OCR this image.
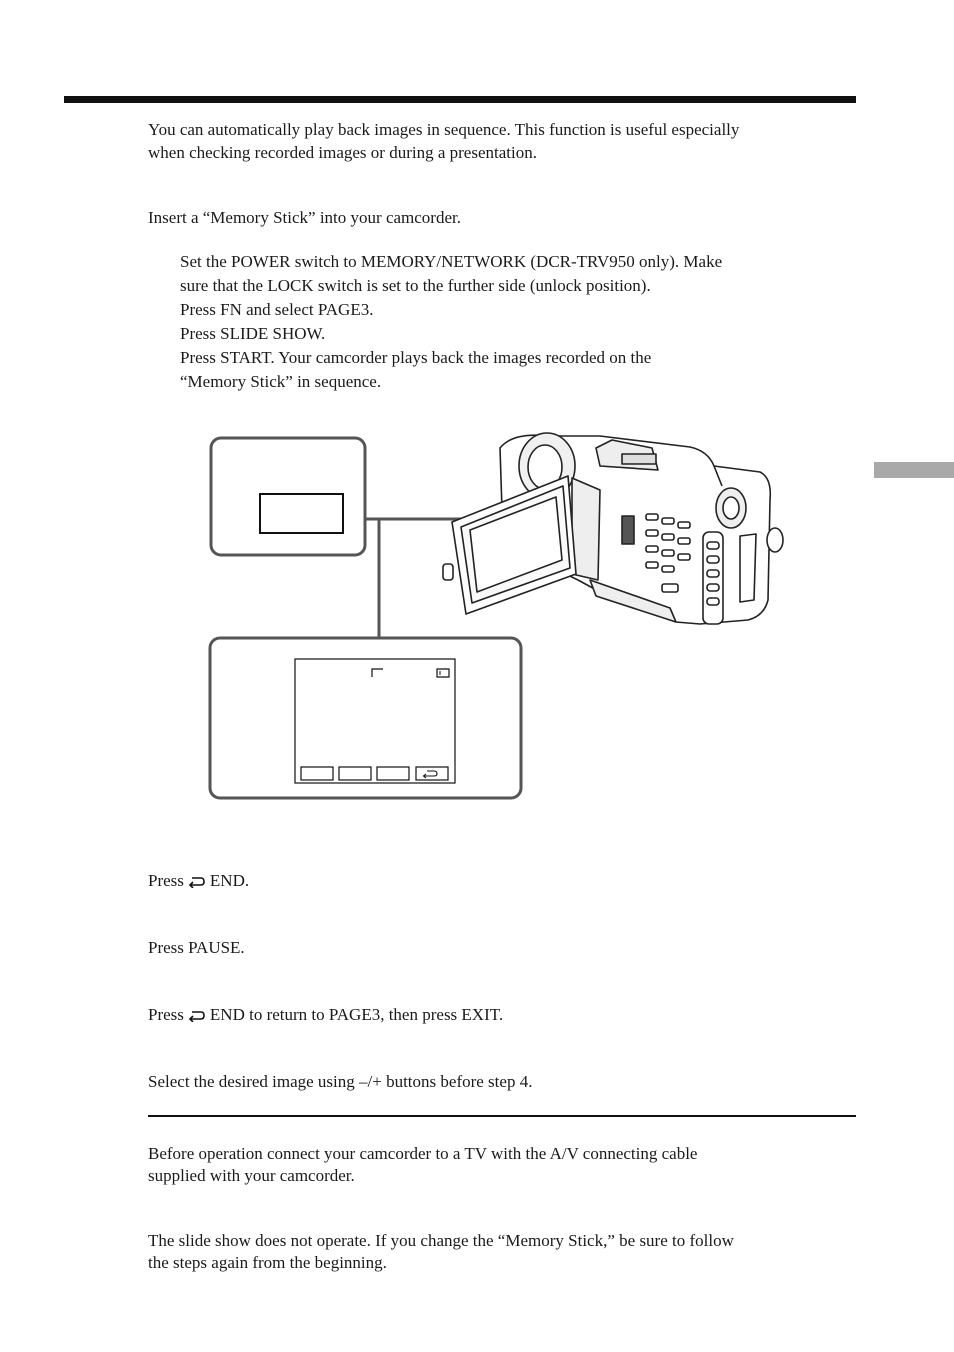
You can automatically play back images in sequence. This function is useful especially

when checking recorded images or during a presentation.

Insert a “Memory Stick” into your camcorder.

Set the POWER switch to MEMORY/NETWORK (DCR-TRV950 only). Make
sure that the LOCK switch is set to the further side (unlock position).
Press FN and select PAGE3.
Press SLIDE SHOW.
Press START. Your camcorder plays back the images recorded on the
“Memory Stick” in sequence.

Press END.

Press PAUSE.

Press END to return to PAGE3, then press EXIT.

Select the desired image using –/+ buttons before step 4.

Before operation connect your camcorder to a TV with the A/V connecting cable

supplied with your camcorder.

The slide show does not operate. If you change the “Memory Stick,” be sure to follow

the steps again from the beginning.
